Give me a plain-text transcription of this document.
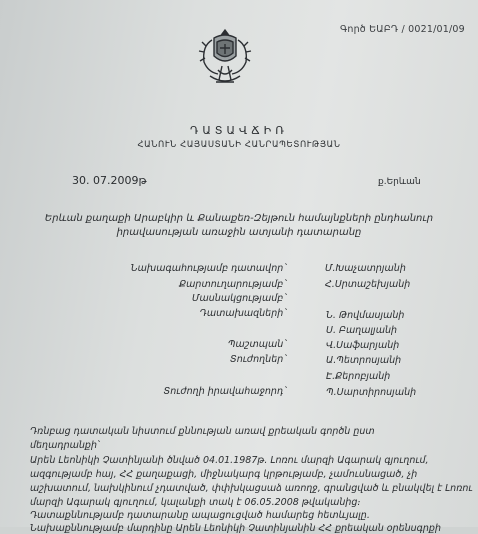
Գործ ԵԱԲԴ / 0021/01/09
ԴԱՏԱՎՃԻՌ
ՀԱՆՈՒՆ ՀԱՅԱՍՏԱՆԻ ՀԱՆՐԱՊԵՏՈՒԹՅԱՆ
30. 07.2009թ	ք.Երևան
Երևան քաղաքի Արաբկիր և Քանաքեռ-Զեյթուն համայնքների ընդհանուր
իրավասության առաջին ատյանի դատարանը
Նախագահությամբ դատավոր`	Մ.Խաչատրյանի
Քարտուղարությամբ`	Հ.Սրտաշեխյանի
Մասնակցությամբ`
Դատախազների`	Ն. Թովմասյանի
Ս. Բաղալյանի
Պաշտպան`	Վ.Սաֆարյանի
Տուժողներ`	Ա.Պետրոսյանի
Է.Քերոբյանի
Տուժողի իրավահաջորդ`	Պ.Սարտիրոսյանի
Դռնբաց դատական նիստում քննության առավ քրեական գործն ըստ
մեղադրանքի՝
Արեն Լեոնիկի Չատինյանի ծնված 04.01.1987թ. Լոռու մարզի Ագարակ գյուղում,
ազգությամբ հայ, ՀՀ քաղաքացի, միջնակարգ կրթությամբ, չամուսնացած, չի
աշխատում, նախկինում չդատված, փփխկացսաձ առողջ, գրանցված և բնակվել է Լոռու
մարզի Ագարակ գյուղում, կալանքի տակ է 06.05.2008 թվականից։
Դատաքննությամբ դատարանը ապացուցված համարեց հետևյալը.
Նախաքննությամբ մարդինը Արեն Լեոնիկի Չատինյանին ՀՀ քրեական օրենսգրքի
